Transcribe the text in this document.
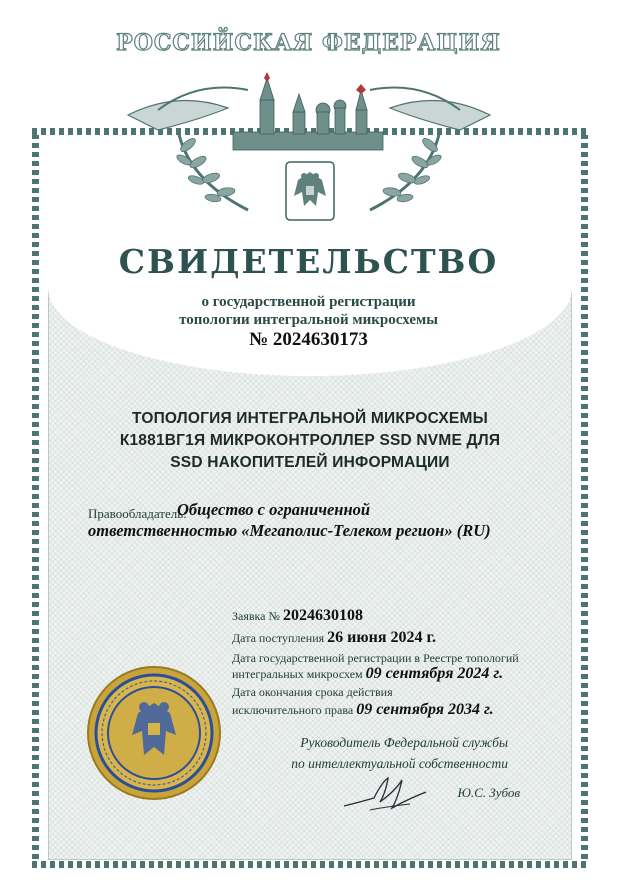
РОССИЙСКАЯ ФЕДЕРАЦИЯ
СВИДЕТЕЛЬСТВО
о государственной регистрации
топологии интегральной микросхемы
№ 2024630173
ТОПОЛОГИЯ ИНТЕГРАЛЬНОЙ МИКРОСХЕМЫ
К1881ВГ1Я МИКРОКОНТРОЛЛЕР SSD NVME ДЛЯ
SSD НАКОПИТЕЛЕЙ ИНФОРМАЦИИ
Правообладатель:
Общество с ограниченной
ответственностью «Мегаполис-Телеком регион» (RU)
Заявка № 2024630108
Дата поступления 26 июня 2024 г.
Дата государственной регистрации в Реестре топологий
интегральных микросхем 09 сентября 2024 г.
Дата окончания срока действия
исключительного права 09 сентября 2034 г.
Руководитель Федеральной службы
по интеллектуальной собственности
Ю.С. Зубов
